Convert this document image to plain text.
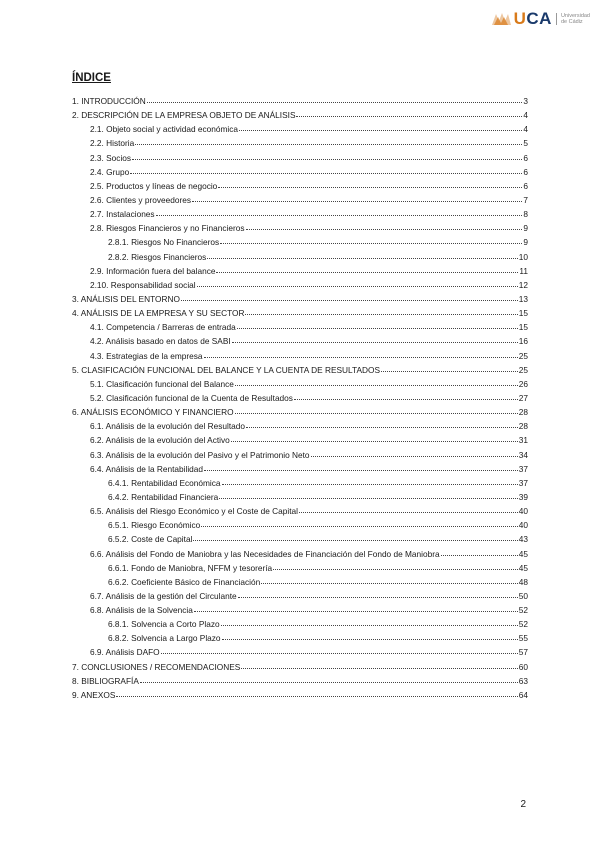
UCA	Universidad
de Cádiz
ÍNDICE
1. INTRODUCCIÓN	3
2. DESCRIPCIÓN DE LA EMPRESA OBJETO DE ANÁLISIS	4
2.1. Objeto social y actividad económica	4
2.2. Historia	5
2.3. Socios	6
2.4. Grupo	6
2.5. Productos y líneas de negocio	6
2.6. Clientes y proveedores	7
2.7. Instalaciones	8
2.8. Riesgos Financieros y no Financieros	9
2.8.1. Riesgos No Financieros	9
2.8.2. Riesgos Financieros	10
2.9. Información fuera del balance	11
2.10. Responsabilidad social	12
3. ANÁLISIS DEL ENTORNO	13
4. ANÁLISIS DE LA EMPRESA Y SU SECTOR	15
4.1. Competencia / Barreras de entrada	15
4.2. Análisis basado en datos de SABI	16
4.3. Estrategias de la empresa	25
5. CLASIFICACIÓN FUNCIONAL DEL BALANCE Y LA CUENTA DE RESULTADOS	25
5.1. Clasificación funcional del Balance	26
5.2. Clasificación funcional de la Cuenta de Resultados	27
6. ANÁLISIS ECONÓMICO Y FINANCIERO	28
6.1. Análisis de la evolución del Resultado	28
6.2. Análisis de la evolución del Activo	31
6.3. Análisis de la evolución del Pasivo y el Patrimonio Neto	34
6.4. Análisis de la Rentabilidad	37
6.4.1. Rentabilidad Económica	37
6.4.2. Rentabilidad Financiera	39
6.5. Análisis del Riesgo Económico y el Coste de Capital	40
6.5.1. Riesgo Económico	40
6.5.2. Coste de Capital	43
6.6. Análisis del Fondo de Maniobra y las Necesidades de Financiación del Fondo de Maniobra	45
6.6.1. Fondo de Maniobra, NFFM y tesorería	45
6.6.2. Coeficiente Básico de Financiación	48
6.7. Análisis de la gestión del Circulante	50
6.8. Análisis de la Solvencia	52
6.8.1. Solvencia a Corto Plazo	52
6.8.2. Solvencia a Largo Plazo	55
6.9. Análisis DAFO	57
7. CONCLUSIONES / RECOMENDACIONES	60
8. BIBLIOGRAFÍA	63
9. ANEXOS	64
2
